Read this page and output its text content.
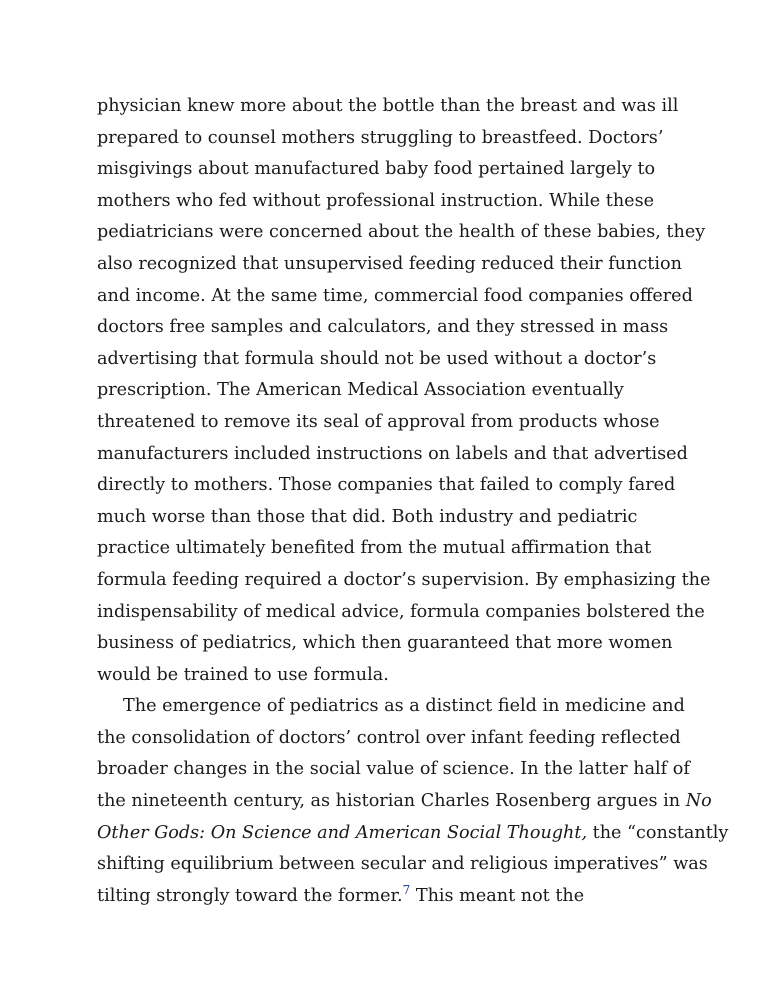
physician knew more about the bottle than the breast and was ill
prepared to counsel mothers struggling to breastfeed. Doctors’
misgivings about manufactured baby food pertained largely to
mothers who fed without professional instruction. While these
pediatricians were concerned about the health of these babies, they
also recognized that unsupervised feeding reduced their function
and income. At the same time, commercial food companies offered
doctors free samples and calculators, and they stressed in mass
advertising that formula should not be used without a doctor’s
prescription. The American Medical Association eventually
threatened to remove its seal of approval from products whose
manufacturers included instructions on labels and that advertised
directly to mothers. Those companies that failed to comply fared
much worse than those that did. Both industry and pediatric
practice ultimately benefited from the mutual affirmation that
formula feeding required a doctor’s supervision. By emphasizing the
indispensability of medical advice, formula companies bolstered the
business of pediatrics, which then guaranteed that more women
would be trained to use formula.
The emergence of pediatrics as a distinct field in medicine and
the consolidation of doctors’ control over infant feeding reflected
broader changes in the social value of science. In the latter half of
the nineteenth century, as historian Charles Rosenberg argues in No
Other Gods: On Science and American Social Thought, the “constantly
shifting equilibrium between secular and religious imperatives” was
tilting strongly toward the former.$^7$ This meant not the
